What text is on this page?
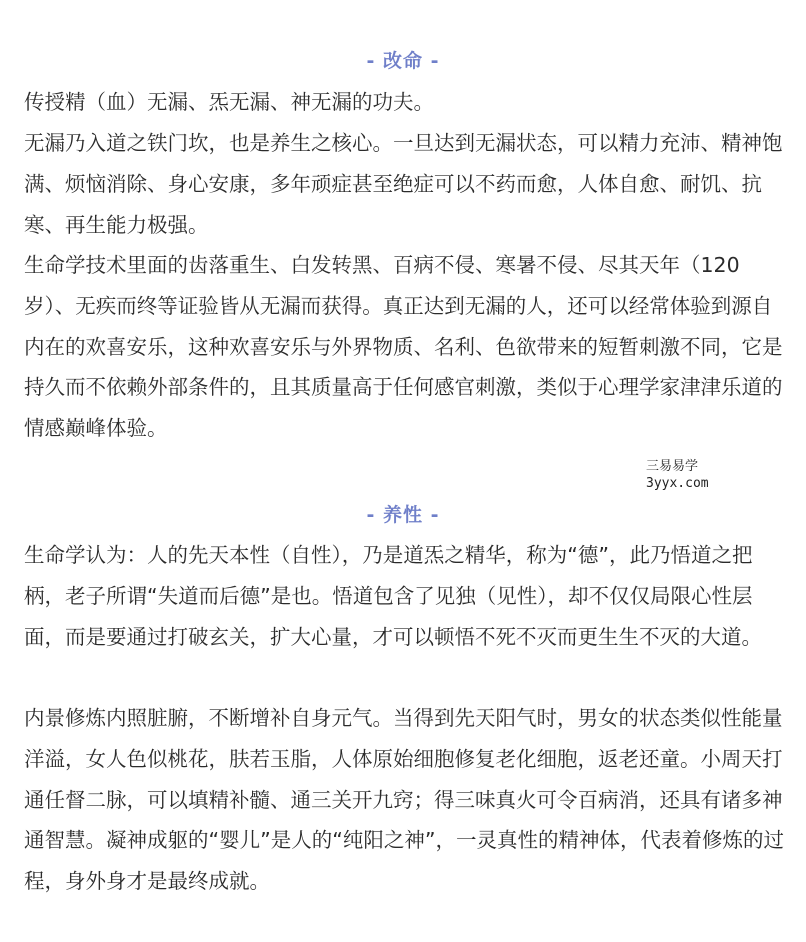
- 改命 -

传授精（血）无漏、炁无漏、神无漏的功夫。

无漏乃入道之铁门坎，也是养生之核心。一旦达到无漏状态，可以精力充沛、精神饱满、烦恼消除、身心安康，多年顽症甚至绝症可以不药而愈，人体自愈、耐饥、抗寒、再生能力极强。

生命学技术里面的齿落重生、白发转黑、百病不侵、寒暑不侵、尽其天年（120岁）、无疾而终等证验皆从无漏而获得。真正达到无漏的人，还可以经常体验到源自内在的欢喜安乐，这种欢喜安乐与外界物质、名利、色欲带来的短暂刺激不同，它是持久而不依赖外部条件的，且其质量高于任何感官刺激，类似于心理学家津津乐道的情感巅峰体验。

三易易学
3yyx.com
- 养性 -

生命学认为：人的先天本性（自性），乃是道炁之精华，称为“德”，此乃悟道之把柄，老子所谓“失道而后德”是也。悟道包含了见独（见性），却不仅仅局限心性层面，而是要通过打破玄关，扩大心量，才可以顿悟不死不灭而更生生不灭的大道。

内景修炼内照脏腑，不断增补自身元气。当得到先天阳气时，男女的状态类似性能量洋溢，女人色似桃花，肤若玉脂，人体原始细胞修复老化细胞，返老还童。小周天打通任督二脉，可以填精补髓、通三关开九窍；得三味真火可令百病消，还具有诸多神通智慧。凝神成躯的“婴儿”是人的“纯阳之神”，一灵真性的精神体，代表着修炼的过程，身外身才是最终成就。
